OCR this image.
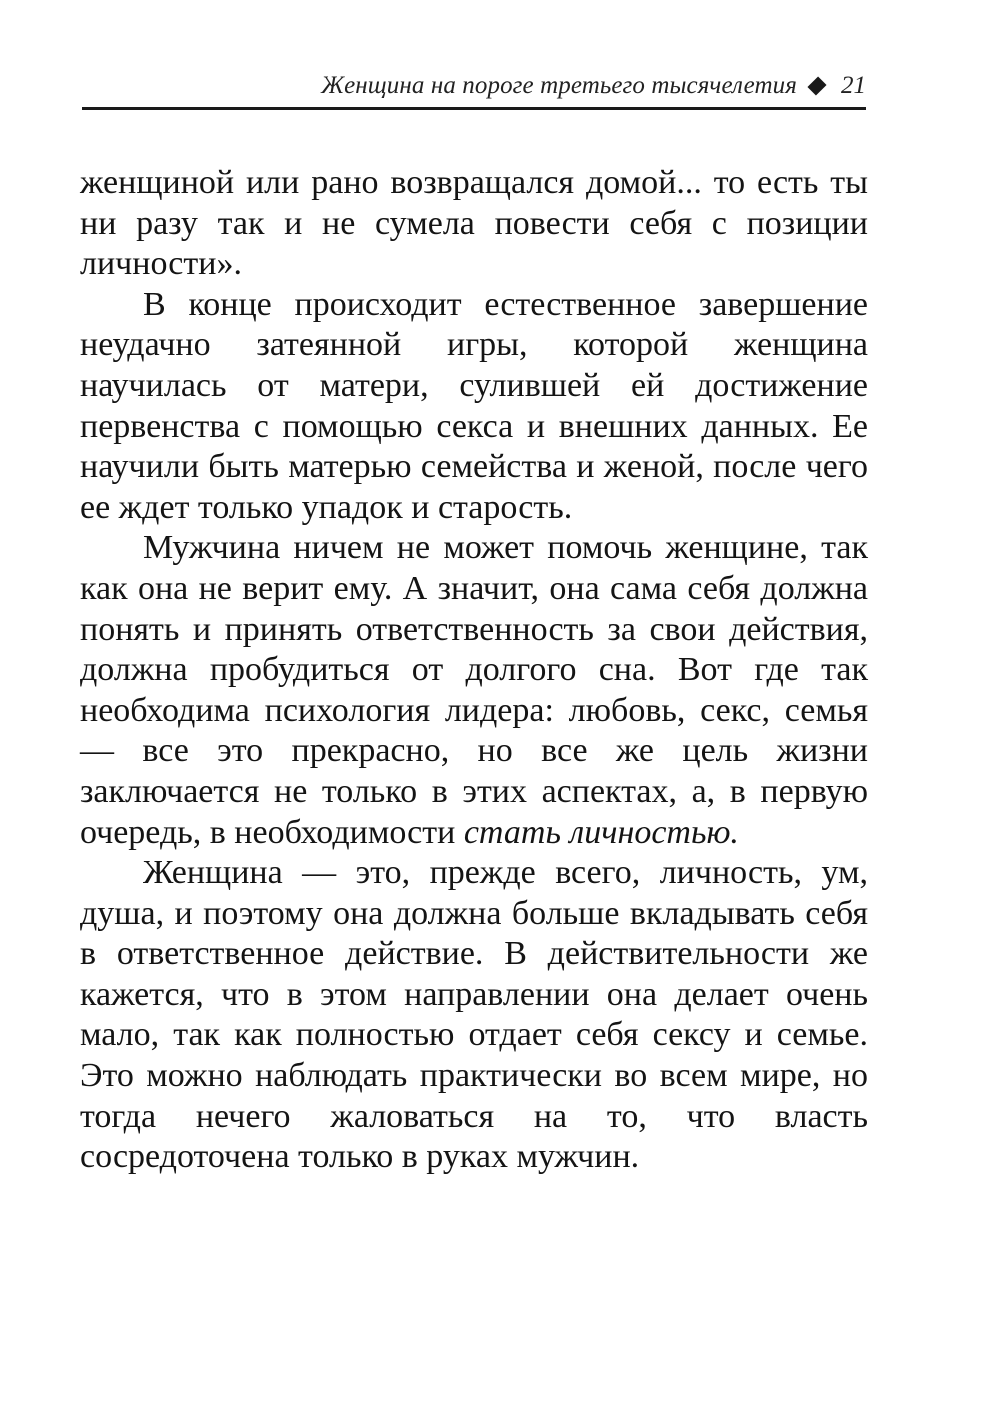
Женщина на пороге третьего тысячелетия 21

женщиной или рано возвращался домой... то есть ты ни разу так и не сумела повести себя с позиции личности».

В конце происходит естественное завершение неудачно затеянной игры, которой женщина научилась от матери, сулившей ей достижение первенства с помощью секса и внешних данных. Ее научили быть матерью семейства и женой, после чего ее ждет только упадок и старость.

Мужчина ничем не может помочь женщине, так как она не верит ему. А значит, она сама себя должна понять и принять ответственность за свои действия, должна пробудиться от долгого сна. Вот где так необходима психология лидера: любовь, секс, семья — все это прекрасно, но все же цель жизни заключается не только в этих аспектах, а, в первую очередь, в необходимости стать личностью.

Женщина — это, прежде всего, личность, ум, душа, и поэтому она должна больше вкладывать себя в ответственное действие. В действительности же кажется, что в этом направлении она делает очень мало, так как полностью отдает себя сексу и семье. Это можно наблюдать практически во всем мире, но тогда нечего жаловаться на то, что власть сосредоточена только в руках мужчин.
